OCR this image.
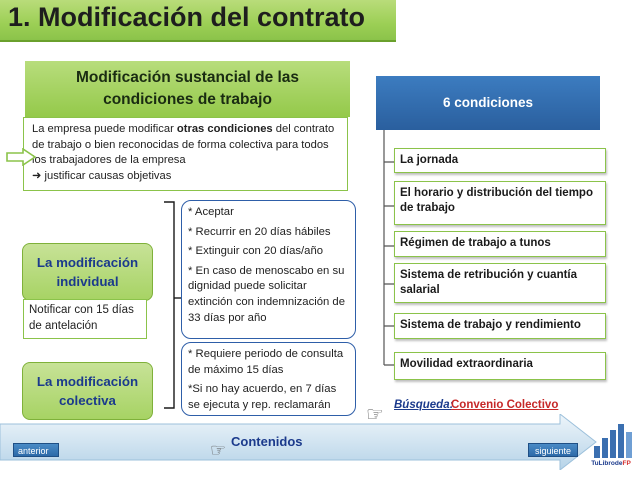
1. Modificación del contrato
Modificación sustancial de las
condiciones de trabajo
La empresa puede modificar otras condiciones del contrato de trabajo o bien reconocidas de forma colectiva para todos los trabajadores de la empresa
➜ justificar causas objetivas
La modificación
individual
Notificar con 15 días de antelación
La modificación
colectiva

* Aceptar

* Recurrir en 20 días hábiles

* Extinguir con 20 días/año

* En caso de menoscabo en su dignidad puede solicitar extinción con indemnización de 33 días por año

* Requiere periodo de consulta de máximo 15 días

*Si no hay acuerdo, en 7 días se ejecuta y rep. reclamarán

6 condiciones
La jornada
El horario y distribución del tiempo de trabajo
Régimen de trabajo a tunos
Sistema de retribución y cuantía salarial
Sistema de trabajo y rendimiento
Movilidad extraordinaria
☞ Búsqueda:
Convenio Colectivo
anterior	☞ Contenidos
siguiente
TuLibrodeFP
